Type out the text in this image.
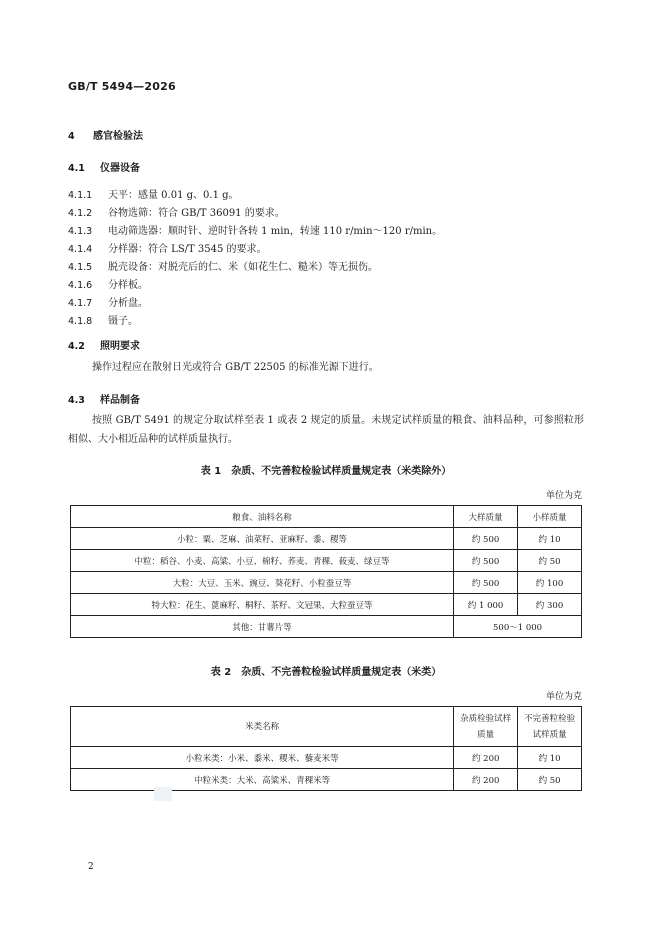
GB/T 5494—2026
4 感官检验法
4.1 仪器设备
4.1.1 天平：感量 0.01 g、0.1 g。
4.1.2 谷物选筛：符合 GB/T 36091 的要求。
4.1.3 电动筛选器：顺时针、逆时针各转 1 min，转速 110 r/min～120 r/min。
4.1.4 分样器：符合 LS/T 3545 的要求。
4.1.5 脱壳设备：对脱壳后的仁、米（如花生仁、糙米）等无损伤。
4.1.6 分样板。
4.1.7 分析盘。
4.1.8 镊子。
4.2 照明要求
操作过程应在散射日光或符合 GB/T 22505 的标准光源下进行。
4.3 样品制备
按照 GB/T 5491 的规定分取试样至表 1 或表 2 规定的质量。未规定试样质量的粮食、油料品种，可参照粒形相似、大小相近品种的试样质量执行。
表 1　杂质、不完善粒检验试样质量规定表（米类除外）
单位为克
粮食、油料名称	大样质量	小样质量
小粒：粟、芝麻、油菜籽、亚麻籽、黍、稷等	约 500	约 10
中粒：稻谷、小麦、高粱、小豆、棉籽、荞麦、青稞、莜麦、绿豆等	约 500	约 50
大粒：大豆、玉米、豌豆、葵花籽、小粒蚕豆等	约 500	约 100
特大粒：花生、蓖麻籽、桐籽、茶籽、文冠果、大粒蚕豆等	约 1 000	约 300
其他：甘薯片等	500～1 000	
表 2　杂质、不完善粒检验试样质量规定表（米类）
单位为克
米类名称	杂质检验试样质量	不完善粒检验试样质量
小粒米类：小米、黍米、稷米、藜麦米等	约 200	约 10
中粒米类：大米、高粱米、青稞米等	约 200	约 50
2
